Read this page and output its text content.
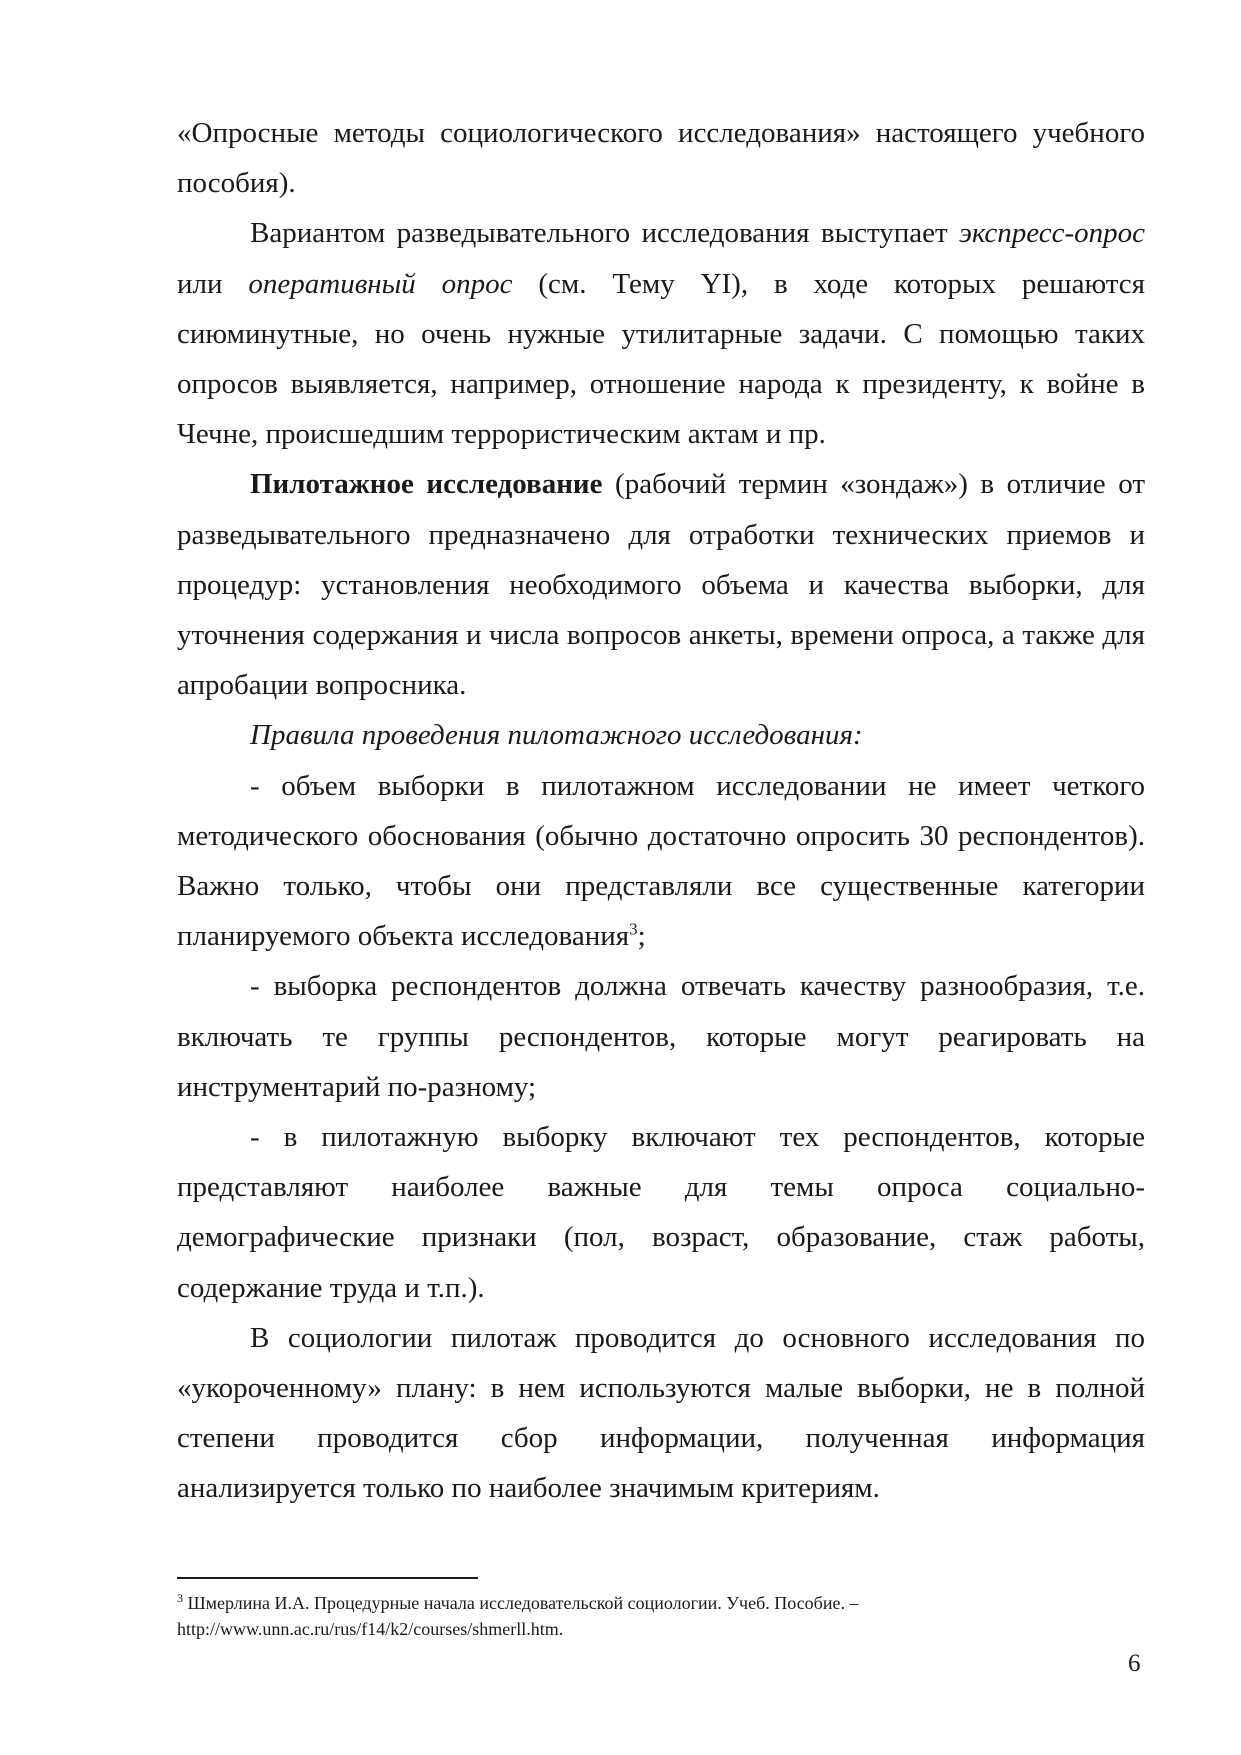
«Опросные методы социологического исследования» настоящего учебного пособия).

Вариантом разведывательного исследования выступает экспресс-опрос или оперативный опрос (см. Тему YI), в ходе которых решаются сиюминутные, но очень нужные утилитарные задачи. С помощью таких опросов выявляется, например, отношение народа к президенту, к войне в Чечне, происшедшим террористическим актам и пр.

Пилотажное исследование (рабочий термин «зондаж») в отличие от разведывательного предназначено для отработки технических приемов и процедур: установления необходимого объема и качества выборки, для уточнения содержания и числа вопросов анкеты, времени опроса, а также для апробации вопросника.

Правила проведения пилотажного исследования:

- объем выборки в пилотажном исследовании не имеет четкого методического обоснования (обычно достаточно опросить 30 респондентов). Важно только, чтобы они представляли все существенные категории планируемого объекта исследования$^3$;

- выборка респондентов должна отвечать качеству разнообразия, т.е. включать те группы респондентов, которые могут реагировать на инструментарий по-разному;

- в пилотажную выборку включают тех респондентов, которые представляют наиболее важные для темы опроса социально-демографические признаки (пол, возраст, образование, стаж работы, содержание труда и т.п.).

В социологии пилотаж проводится до основного исследования по «укороченному» плану: в нем используются малые выборки, не в полной степени проводится сбор информации, полученная информация анализируется только по наиболее значимым критериям.

$^3$ Шмерлина И.А. Процедурные начала исследовательской социологии. Учеб. Пособие. –
http://www.unn.ac.ru/rus/f14/k2/courses/shmerll.htm.
6
